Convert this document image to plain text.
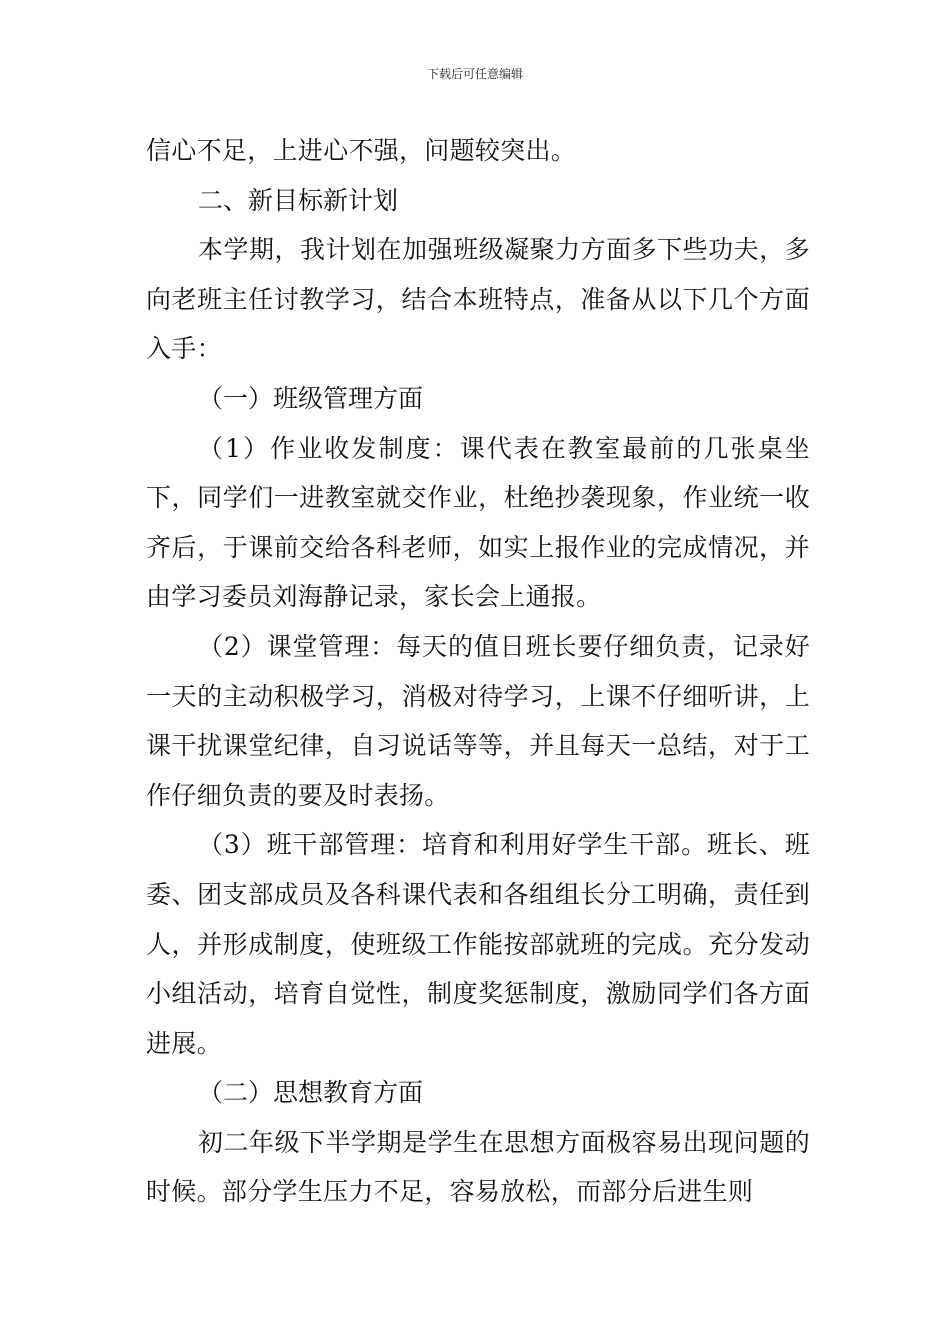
下载后可任意编辑

信心不足，上进心不强，问题较突出。

二、新目标新计划

本学期，我计划在加强班级凝聚力方面多下些功夫，多向老班主任讨教学习，结合本班特点，准备从以下几个方面入手：

（一）班级管理方面

（1）作业收发制度：课代表在教室最前的几张桌坐下，同学们一进教室就交作业，杜绝抄袭现象，作业统一收齐后，于课前交给各科老师，如实上报作业的完成情况，并由学习委员刘海静记录，家长会上通报。

（2）课堂管理：每天的值日班长要仔细负责，记录好一天的主动积极学习，消极对待学习，上课不仔细听讲，上课干扰课堂纪律，自习说话等等，并且每天一总结，对于工作仔细负责的要及时表扬。

（3）班干部管理：培育和利用好学生干部。班长、班委、团支部成员及各科课代表和各组组长分工明确，责任到人，并形成制度，使班级工作能按部就班的完成。充分发动小组活动，培育自觉性，制度奖惩制度，激励同学们各方面进展。

（二）思想教育方面

初二年级下半学期是学生在思想方面极容易出现问题的时候。部分学生压力不足，容易放松，而部分后进生则
